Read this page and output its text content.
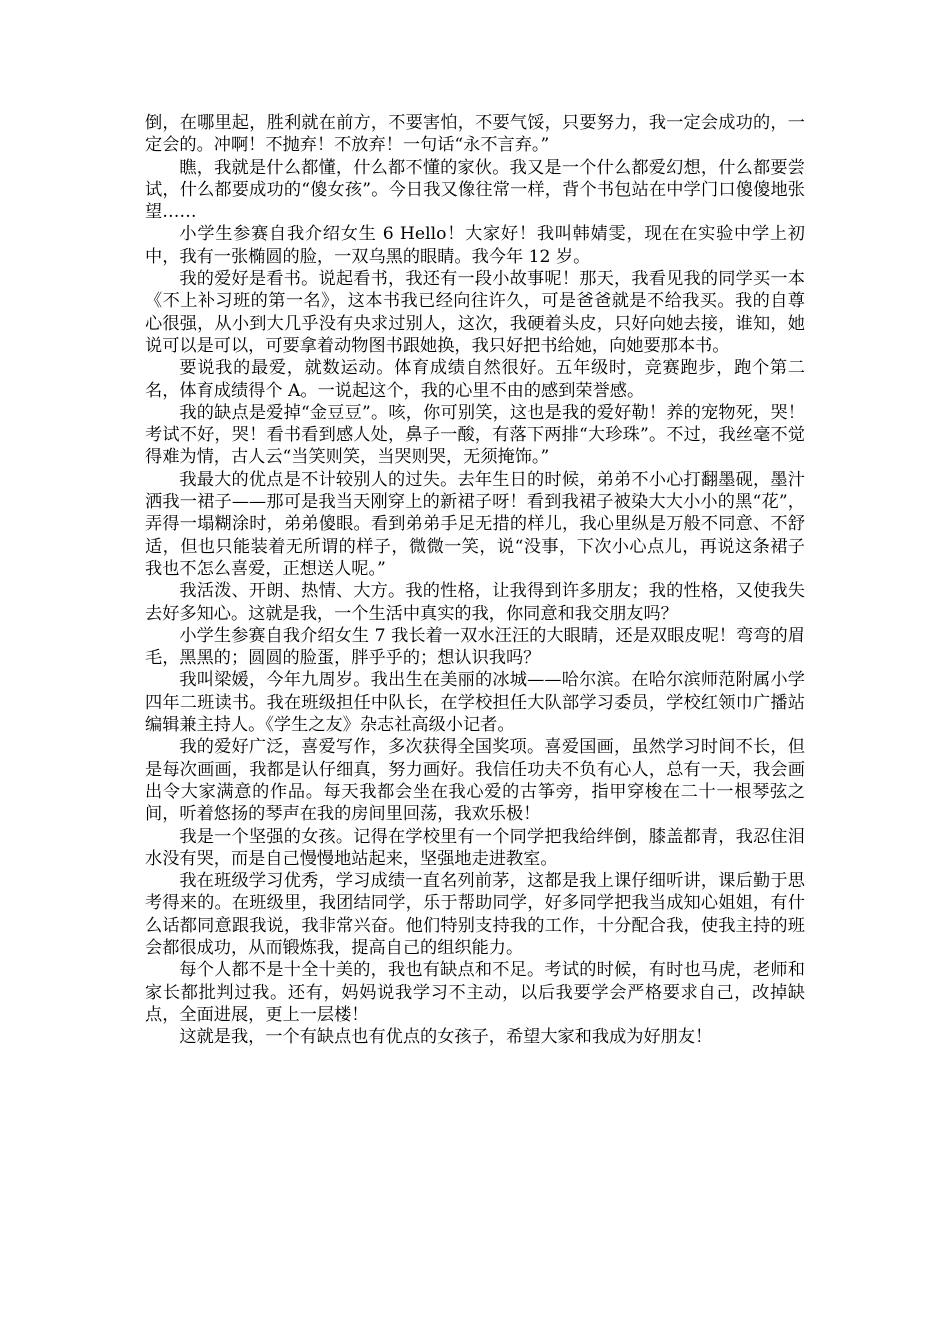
倒，在哪里起，胜利就在前方，不要害怕，不要气馁，只要努力，我一定会成功的，一定会的。冲啊！不抛弃！不放弃！一句话“永不言弃。”

瞧，我就是什么都懂，什么都不懂的家伙。我又是一个什么都爱幻想，什么都要尝试，什么都要成功的“傻女孩”。今日我又像往常一样，背个书包站在中学门口傻傻地张望……

小学生参赛自我介绍女生 6 Hello！大家好！我叫韩婧雯，现在在实验中学上初中，我有一张椭圆的脸，一双乌黑的眼睛。我今年 12 岁。

我的爱好是看书。说起看书，我还有一段小故事呢！那天，我看见我的同学买一本《不上补习班的第一名》，这本书我已经向往许久，可是爸爸就是不给我买。我的自尊心很强，从小到大几乎没有央求过别人，这次，我硬着头皮，只好向她去接，谁知，她说可以是可以，可要拿着动物图书跟她换，我只好把书给她，向她要那本书。

要说我的最爱，就数运动。体育成绩自然很好。五年级时，竞赛跑步，跑个第二名，体育成绩得个 A。一说起这个，我的心里不由的感到荣誉感。

我的缺点是爱掉“金豆豆”。咳，你可别笑，这也是我的爱好勒！养的宠物死，哭！考试不好，哭！看书看到感人处，鼻子一酸，有落下两排“大珍珠”。不过，我丝毫不觉得难为情，古人云“当笑则笑，当哭则哭，无须掩饰。”

我最大的优点是不计较别人的过失。去年生日的时候，弟弟不小心打翻墨砚，墨汁洒我一裙子——那可是我当天刚穿上的新裙子呀！看到我裙子被染大大小小的黑“花”，弄得一塌糊涂时，弟弟傻眼。看到弟弟手足无措的样儿，我心里纵是万般不同意、不舒适，但也只能装着无所谓的样子，微微一笑，说“没事，下次小心点儿，再说这条裙子我也不怎么喜爱，正想送人呢。”

我活泼、开朗、热情、大方。我的性格，让我得到许多朋友；我的性格，又使我失去好多知心。这就是我，一个生活中真实的我，你同意和我交朋友吗？

小学生参赛自我介绍女生 7 我长着一双水汪汪的大眼睛，还是双眼皮呢！弯弯的眉毛，黑黑的；圆圆的脸蛋，胖乎乎的；想认识我吗？

我叫梁媛，今年九周岁。我出生在美丽的冰城——哈尔滨。在哈尔滨师范附属小学四年二班读书。我在班级担任中队长，在学校担任大队部学习委员，学校红领巾广播站编辑兼主持人。《学生之友》杂志社高级小记者。

我的爱好广泛，喜爱写作，多次获得全国奖项。喜爱国画，虽然学习时间不长，但是每次画画，我都是认仔细真，努力画好。我信任功夫不负有心人，总有一天，我会画出令大家满意的作品。每天我都会坐在我心爱的古筝旁，指甲穿梭在二十一根琴弦之间，听着悠扬的琴声在我的房间里回荡，我欢乐极！

我是一个坚强的女孩。记得在学校里有一个同学把我给绊倒，膝盖都青，我忍住泪水没有哭，而是自己慢慢地站起来，坚强地走进教室。

我在班级学习优秀，学习成绩一直名列前茅，这都是我上课仔细听讲，课后勤于思考得来的。在班级里，我团结同学，乐于帮助同学，好多同学把我当成知心姐姐，有什么话都同意跟我说，我非常兴奋。他们特别支持我的工作，十分配合我，使我主持的班会都很成功，从而锻炼我，提高自己的组织能力。

每个人都不是十全十美的，我也有缺点和不足。考试的时候，有时也马虎，老师和家长都批判过我。还有，妈妈说我学习不主动，以后我要学会严格要求自己，改掉缺点，全面进展，更上一层楼！

这就是我，一个有缺点也有优点的女孩子，希望大家和我成为好朋友！
